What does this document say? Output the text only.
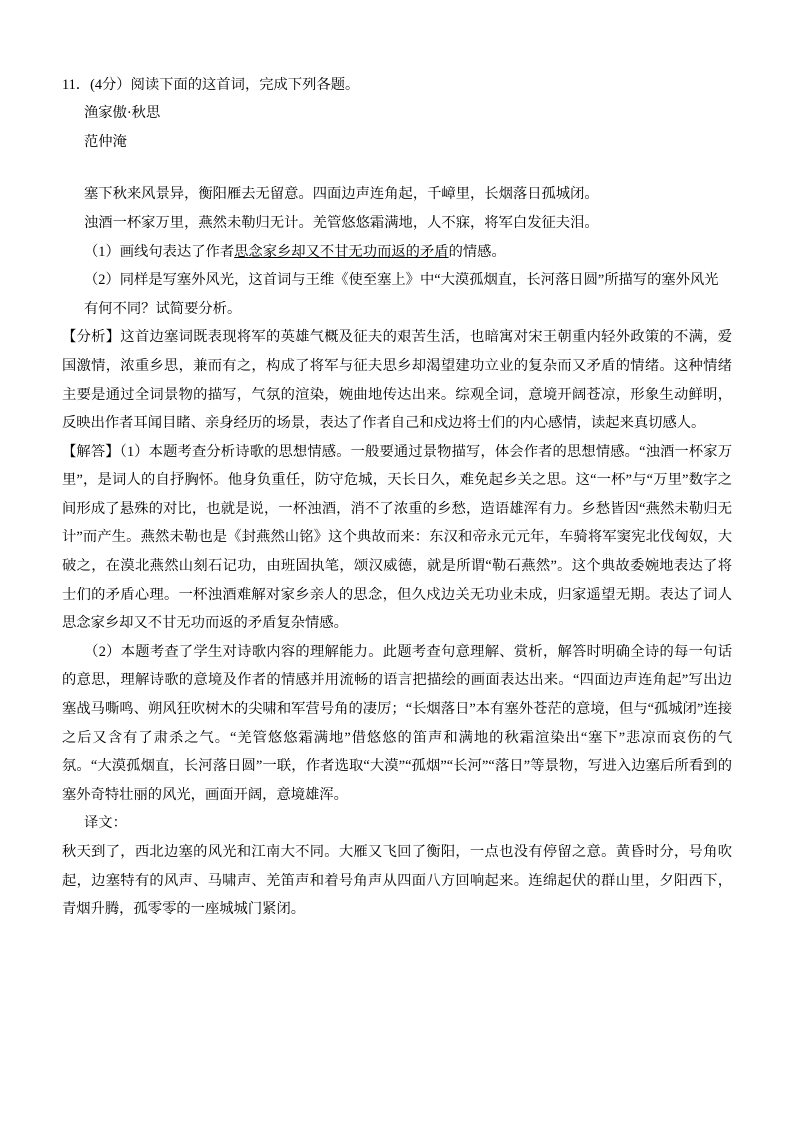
11．(4分）阅读下面的这首词，完成下列各题。

渔家傲·秋思

范仲淹

塞下秋来风景异，衡阳雁去无留意。四面边声连角起，千嶂里，长烟落日孤城闭。

浊酒一杯家万里，燕然未勒归无计。羌管悠悠霜满地，人不寐，将军白发征夫泪。

（1）画线句表达了作者思念家乡却又不甘无功而返的矛盾的情感。

（2）同样是写塞外风光，这首词与王维《使至塞上》中“大漠孤烟直，长河落日圆”所描写的塞外风光有何不同？试简要分析。

【分析】这首边塞词既表现将军的英雄气概及征夫的艰苦生活，也暗寓对宋王朝重内轻外政策的不满，爱国激情，浓重乡思，兼而有之，构成了将军与征夫思乡却渴望建功立业的复杂而又矛盾的情绪。这种情绪主要是通过全词景物的描写，气氛的渲染，婉曲地传达出来。综观全词，意境开阔苍凉，形象生动鲜明，反映出作者耳闻目睹、亲身经历的场景，表达了作者自己和戍边将士们的内心感情，读起来真切感人。

【解答】（1）本题考查分析诗歌的思想情感。一般要通过景物描写，体会作者的思想情感。“浊酒一杯家万里”，是词人的自抒胸怀。他身负重任，防守危城，天长日久，难免起乡关之思。这“一杯”与“万里”数字之间形成了悬殊的对比，也就是说，一杯浊酒，消不了浓重的乡愁，造语雄浑有力。乡愁皆因“燕然未勒归无计”而产生。燕然未勒也是《封燕然山铭》这个典故而来：东汉和帝永元元年，车骑将军窦宪北伐匈奴，大破之，在漠北燕然山刻石记功，由班固执笔，颂汉威德，就是所谓“勒石燕然”。这个典故委婉地表达了将士们的矛盾心理。一杯浊酒难解对家乡亲人的思念，但久戍边关无功业未成，归家遥望无期。表达了词人思念家乡却又不甘无功而返的矛盾复杂情感。

（2）本题考查了学生对诗歌内容的理解能力。此题考查句意理解、赏析，解答时明确全诗的每一句话的意思，理解诗歌的意境及作者的情感并用流畅的语言把描绘的画面表达出来。“四面边声连角起”写出边塞战马嘶鸣、朔风狂吹树木的尖啸和军营号角的凄厉；“长烟落日”本有塞外苍茫的意境，但与“孤城闭”连接之后又含有了肃杀之气。“羌管悠悠霜满地”借悠悠的笛声和满地的秋霜渲染出“塞下”悲凉而哀伤的气氛。“大漠孤烟直，长河落日圆”一联，作者选取“大漠”“孤烟”“长河”“落日”等景物，写进入边塞后所看到的塞外奇特壮丽的风光，画面开阔，意境雄浑。

译文：

秋天到了，西北边塞的风光和江南大不同。大雁又飞回了衡阳，一点也没有停留之意。黄昏时分，号角吹起，边塞特有的风声、马啸声、羌笛声和着号角声从四面八方回响起来。连绵起伏的群山里，夕阳西下，青烟升腾，孤零零的一座城城门紧闭。
